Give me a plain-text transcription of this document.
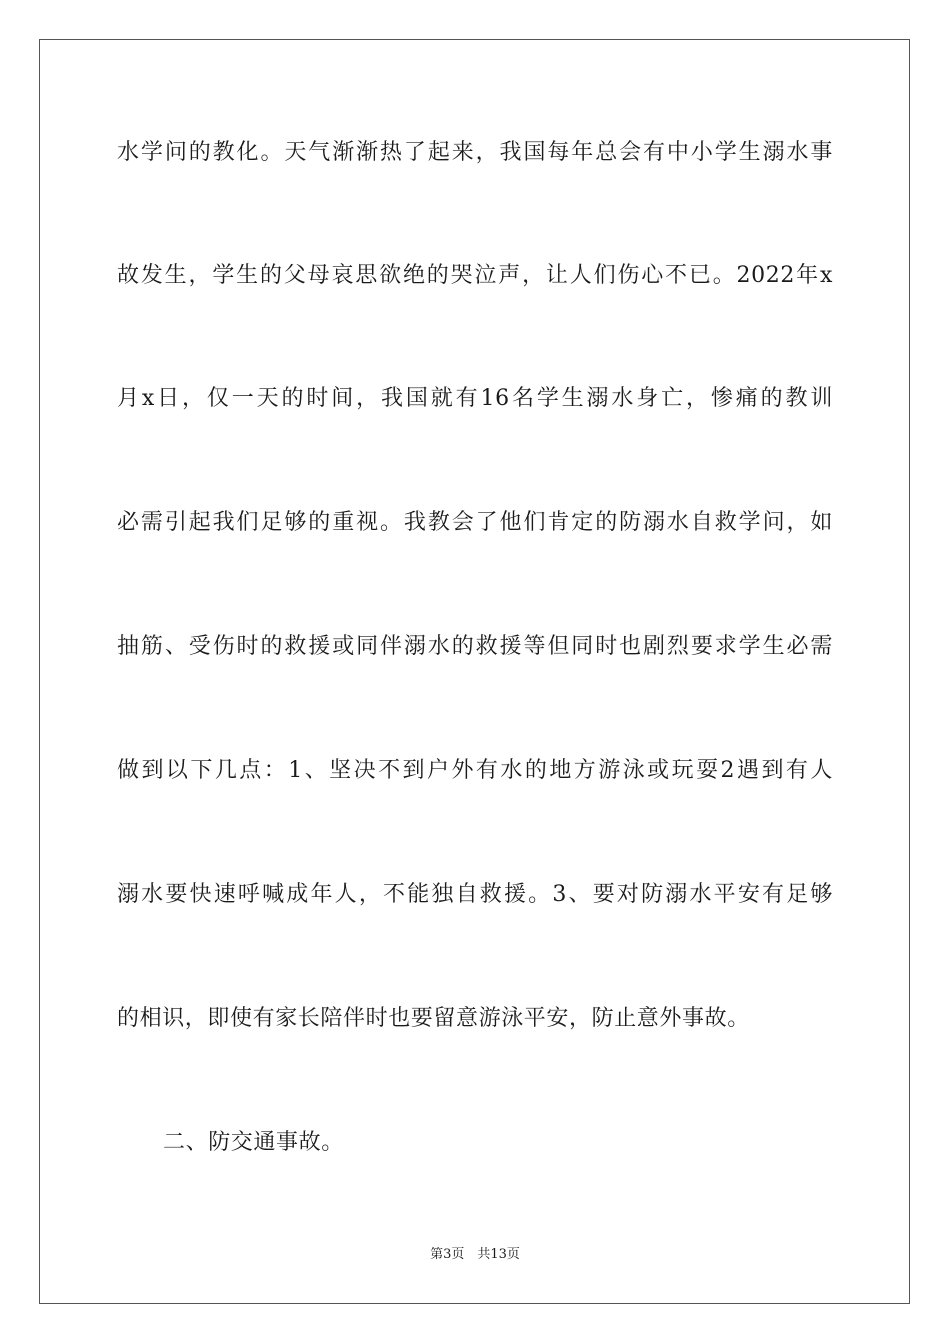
水学问的教化。天气渐渐热了起来，我国每年总会有中小学生溺水事
故发生，学生的父母哀思欲绝的哭泣声，让人们伤心不已。2022年x
月x日，仅一天的时间，我国就有16名学生溺水身亡，惨痛的教训
必需引起我们足够的重视。我教会了他们肯定的防溺水自救学问，如
抽筋、受伤时的救援或同伴溺水的救援等但同时也剧烈要求学生必需
做到以下几点：1、坚决不到户外有水的地方游泳或玩耍2遇到有人
溺水要快速呼喊成年人，不能独自救援。3、要对防溺水平安有足够
的相识，即使有家长陪伴时也要留意游泳平安，防止意外事故。
二、防交通事故。
第3页　共13页
